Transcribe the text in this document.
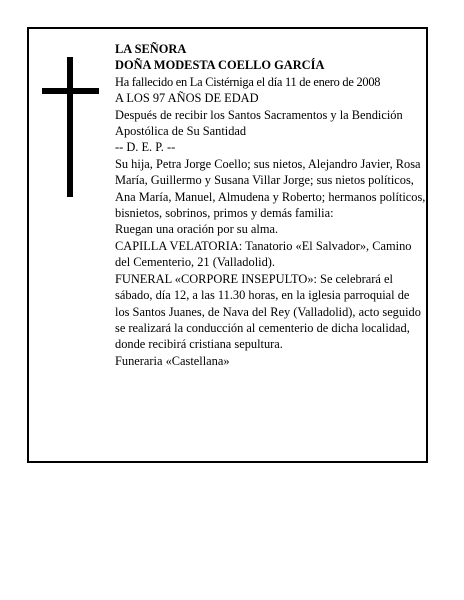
LA SEÑORA

DOÑA MODESTA COELLO GARCÍA

Ha fallecido en La Cistérniga el día 11 de enero de 2008

A LOS 97 AÑOS DE EDAD

Después de recibir los Santos Sacramentos y la Bendición Apostólica de Su Santidad

-- D. E. P. --

Su hija, Petra Jorge Coello; sus nietos, Alejandro Javier, Rosa María, Guillermo y Susana Villar Jorge; sus nietos políticos, Ana María, Manuel, Almudena y Roberto; hermanos políticos, bisnietos, sobrinos, primos y demás familia:

Ruegan una oración por su alma.

CAPILLA VELATORIA: Tanatorio «El Salvador», Camino del Cementerio, 21 (Valladolid).

FUNERAL «CORPORE INSEPULTO»: Se celebrará el sábado, día 12, a las 11.30 horas, en la iglesia parroquial de los Santos Juanes, de Nava del Rey (Valladolid), acto seguido se realizará la conducción al cementerio de dicha localidad, donde recibirá cristiana sepultura.

Funeraria «Castellana»
